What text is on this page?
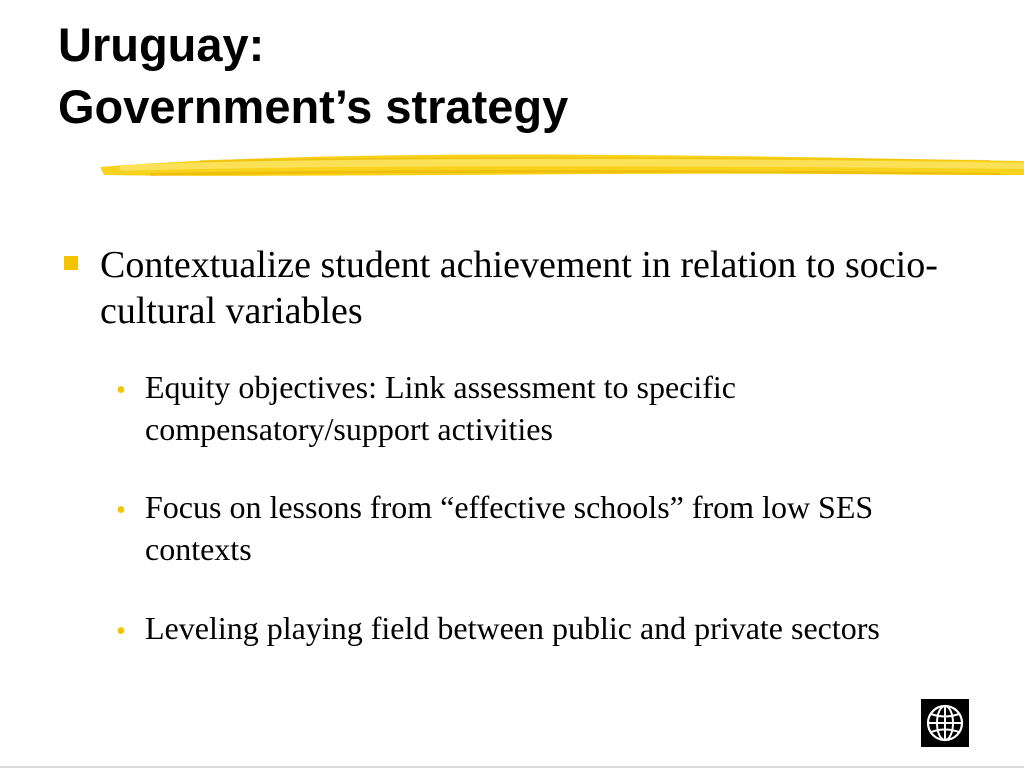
Uruguay:
Government’s strategy
Contextualize student achievement in relation to socio-cultural variables
• Equity objectives: Link assessment to specific compensatory/support activities
• Focus on lessons from “effective schools” from low SES contexts
• Leveling playing field between public and private sectors
